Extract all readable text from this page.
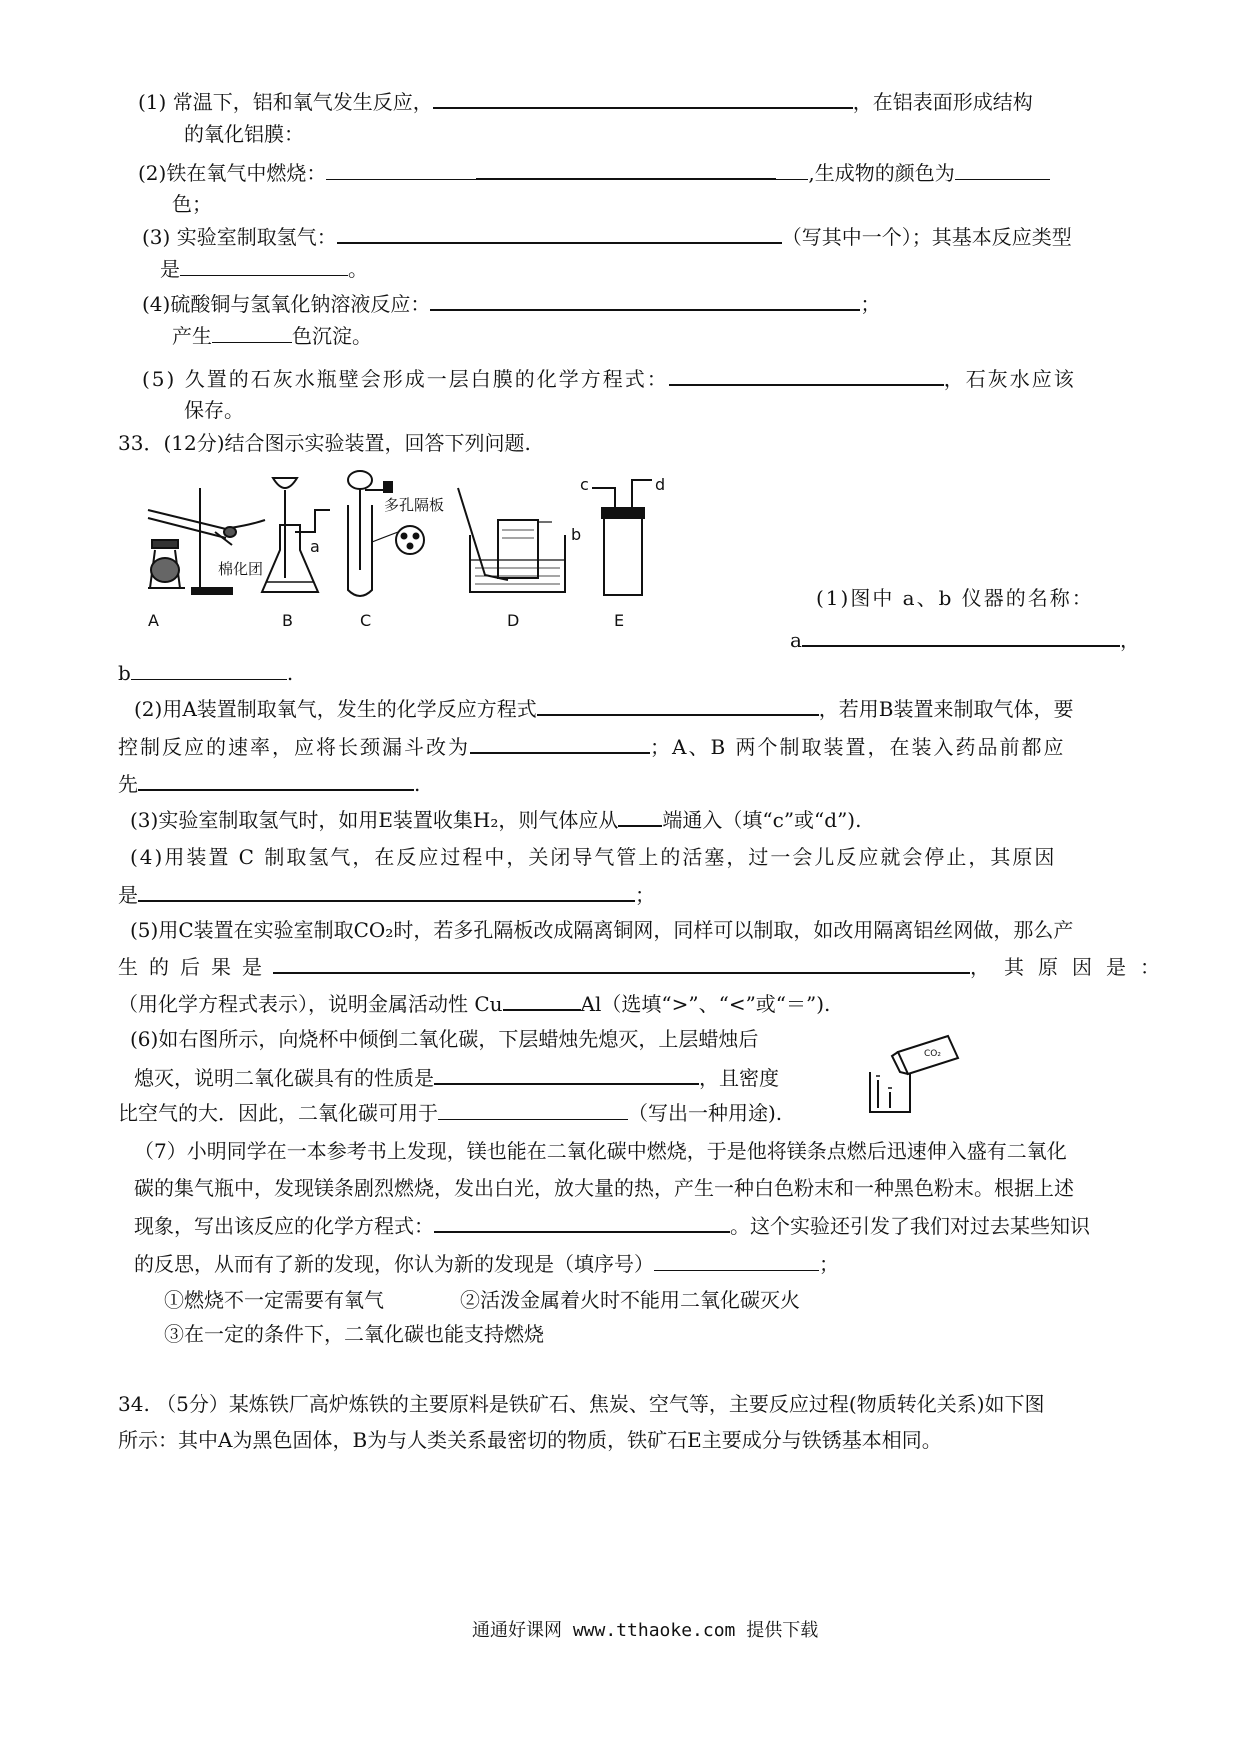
(1) 常温下，铝和氧气发生反应，	，在铝表面形成结构
的氧化铝膜：
(2)铁在氧气中燃烧：	,生成物的颜色为
色；
(3) 实验室制取氢气：	（写其中一个）；其基本反应类型
是	。
(4)硫酸铜与氢氧化钠溶液反应：	；
产生	色沉淀。
(5) 久置的石灰水瓶壁会形成一层白膜的化学方程式：	，石灰水应该
保存。
33．(12分)结合图示实验装置，回答下列问题.
A	B	C	D	E
a
b
c	d
棉化团
多孔隔板
(1)图中 a、b 仪器的名称：
a	，
b	.
(2)用A装置制取氧气，发生的化学反应方程式	，若用B装置来制取气体，要
控制反应的速率，应将长颈漏斗改为	；A、B 两个制取装置，在装入药品前都应
先	.
(3)实验室制取氢气时，如用E装置收集H₂，则气体应从 端通入（填“c”或“d”).
(4)用装置 C 制取氢气，在反应过程中，关闭导气管上的活塞，过一会儿反应就会停止，其原因
是	；
(5)用C装置在实验室制取CO₂时，若多孔隔板改成隔离铜网，同样可以制取，如改用隔离铝丝网做，那么产
生的后果是	，其原因是：
（用化学方程式表示），说明金属活动性 Cu	Al（选填“>”、“<”或“＝”).
(6)如右图所示，向烧杯中倾倒二氧化碳，下层蜡烛先熄灭，上层蜡烛后
熄灭，说明二氧化碳具有的性质是	，且密度
比空气的大．因此，二氧化碳可用于	（写出一种用途).
CO₂
（7）小明同学在一本参考书上发现，镁也能在二氧化碳中燃烧，于是他将镁条点燃后迅速伸入盛有二氧化
碳的集气瓶中，发现镁条剧烈燃烧，发出白光，放大量的热，产生一种白色粉末和一种黑色粉末。根据上述
现象，写出该反应的化学方程式：	。这个实验还引发了我们对过去某些知识
的反思，从而有了新的发现，你认为新的发现是（填序号）	；
①燃烧不一定需要有氧气	②活泼金属着火时不能用二氧化碳灭火
③在一定的条件下，二氧化碳也能支持燃烧
34. （5分）某炼铁厂高炉炼铁的主要原料是铁矿石、焦炭、空气等，主要反应过程(物质转化关系)如下图
所示：其中A为黑色固体，B为与人类关系最密切的物质，铁矿石E主要成分与铁锈基本相同。
通通好课网 www.tthaoke.com 提供下载
